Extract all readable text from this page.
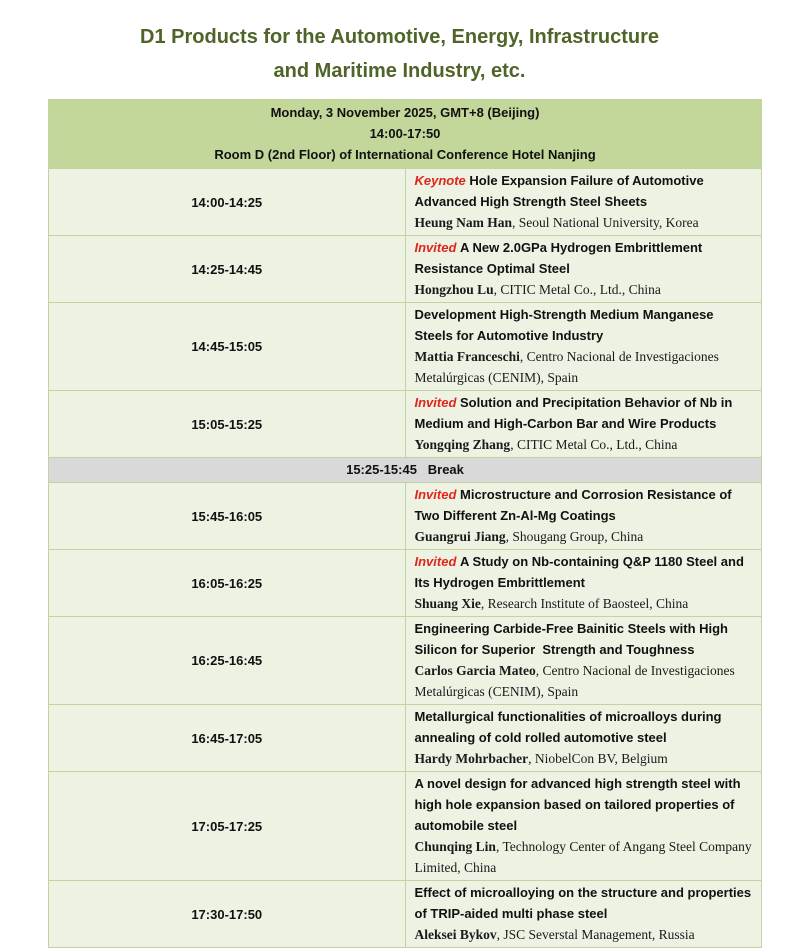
D1 Products for the Automotive, Energy, Infrastructure
and Maritime Industry, etc.
Monday, 3 November 2025, GMT+8 (Beijing)
14:00-17:50
Room D (2nd Floor) of International Conference Hotel Nanjing	

14:00-14:25	Keynote Hole Expansion Failure of Automotive Advanced High Strength Steel Sheets
Heung Nam Han, Seoul National University, Korea

14:25-14:45	Invited A New 2.0GPa Hydrogen Embrittlement Resistance Optimal Steel
Hongzhou Lu, CITIC Metal Co., Ltd., China

14:45-15:05	Development High-Strength Medium Manganese Steels for Automotive Industry
Mattia Franceschi, Centro Nacional de Investigaciones Metalúrgicas (CENIM), Spain

15:05-15:25	Invited Solution and Precipitation Behavior of Nb in Medium and High-Carbon Bar and Wire Products
Yongqing Zhang, CITIC Metal Co., Ltd., China

15:25-15:45   Break	
15:45-16:05	Invited Microstructure and Corrosion Resistance of Two Different Zn-Al-Mg Coatings
Guangrui Jiang, Shougang Group, China

16:05-16:25	Invited A Study on Nb-containing Q&P 1180 Steel and Its Hydrogen Embrittlement
Shuang Xie, Research Institute of Baosteel, China

16:25-16:45	Engineering Carbide-Free Bainitic Steels with High Silicon for Superior  Strength and Toughness
Carlos Garcia Mateo, Centro Nacional de Investigaciones Metalúrgicas (CENIM), Spain

16:45-17:05	Metallurgical functionalities of microalloys during annealing of cold rolled automotive steel
Hardy Mohrbacher, NiobelCon BV, Belgium

17:05-17:25	A novel design for advanced high strength steel with high hole expansion based on tailored properties of automobile steel
Chunqing Lin, Technology Center of Angang Steel Company Limited, China

17:30-17:50	Effect of microalloying on the structure and properties of TRIP-aided multi phase steel
Aleksei Bykov, JSC Severstal Management, Russia
